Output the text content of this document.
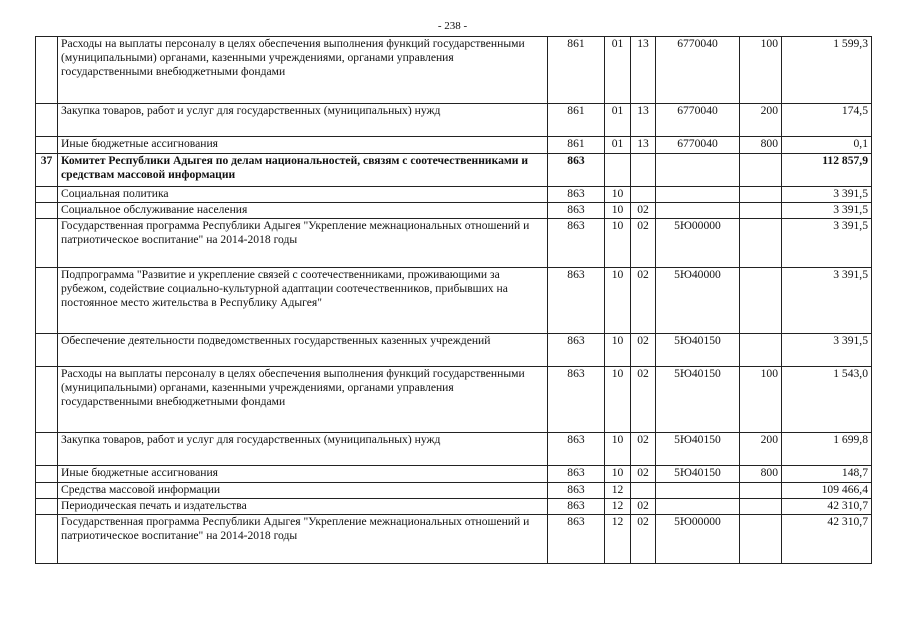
- 238 -
	Расходы на выплаты персоналу в целях обеспечения выполнения функций государственными (муниципальными) органами, казенными учреждениями, органами управления государственными внебюджетными фондами	861	01	13	6770040	100	1 599,3
	Закупка товаров, работ и услуг для государственных (муниципальных) нужд	861	01	13	6770040	200	174,5
	Иные бюджетные ассигнования	861	01	13	6770040	800	0,1
37	Комитет Республики Адыгея по делам национальностей, связям с соотечественниками и средствам массовой информации	863					112 857,9
	Социальная политика	863	10				3 391,5
	Социальное обслуживание населения	863	10	02			3 391,5
	Государственная программа Республики Адыгея "Укрепление межнациональных отношений и патриотическое воспитание" на 2014-2018 годы	863	10	02	5Ю00000		3 391,5
	Подпрограмма "Развитие и укрепление связей с соотечественниками, проживающими за рубежом, содействие социально-культурной адаптации соотечественников, прибывших на постоянное место жительства в Республику Адыгея"	863	10	02	5Ю40000		3 391,5
	Обеспечение деятельности подведомственных государственных казенных учреждений	863	10	02	5Ю40150		3 391,5
	Расходы на выплаты персоналу в целях обеспечения выполнения функций государственными (муниципальными) органами, казенными учреждениями, органами управления государственными внебюджетными фондами	863	10	02	5Ю40150	100	1 543,0
	Закупка товаров, работ и услуг для государственных (муниципальных) нужд	863	10	02	5Ю40150	200	1 699,8
	Иные бюджетные ассигнования	863	10	02	5Ю40150	800	148,7
	Средства массовой информации	863	12				109 466,4
	Периодическая печать и издательства	863	12	02			42 310,7
	Государственная программа Республики Адыгея "Укрепление межнациональных отношений и патриотическое воспитание" на 2014-2018 годы	863	12	02	5Ю00000		42 310,7
